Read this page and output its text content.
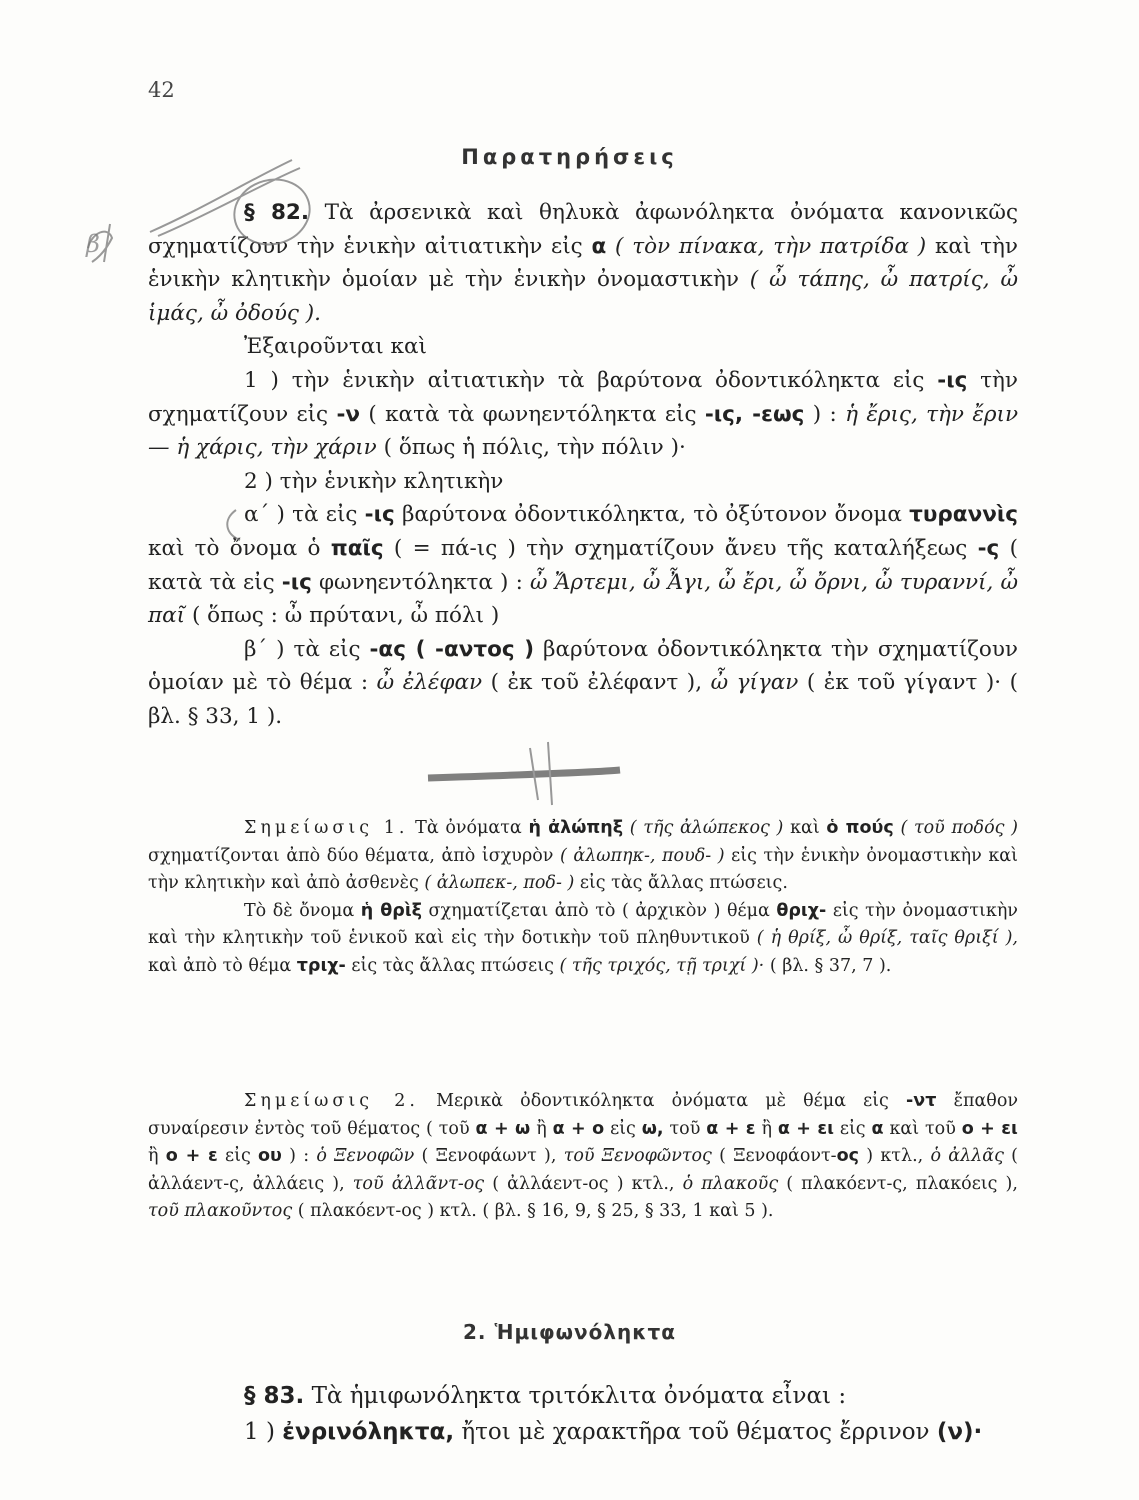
42
Παρατηρήσεις

§ 82. Τὰ ἀρσενικὰ καὶ θηλυκὰ ἀφωνόληκτα ὀνόματα κανονικῶς σχηματίζουν τὴν ἑνικὴν αἰτιατικὴν εἰς α ( τὸν πίνακα, τὴν πατρίδα ) καὶ τὴν ἑνικὴν κλητικὴν ὁμοίαν μὲ τὴν ἑνικὴν ὀνομαστικὴν ( ὦ τάπης, ὦ πατρίς, ὦ ἱμάς, ὦ ὀδούς ).

Ἐξαιροῦνται καὶ

1 ) τὴν ἑνικὴν αἰτιατικὴν τὰ βαρύτονα ὀδοντικόληκτα εἰς -ις τὴν σχηματίζουν εἰς -ν ( κατὰ τὰ φωνηεντόληκτα εἰς -ις, -εως ) : ἡ ἔρις, τὴν ἔριν — ἡ χάρις, τὴν χάριν ( ὅπως ἡ πόλις, τὴν πόλιν )·

2 ) τὴν ἑνικὴν κλητικὴν

α΄ ) τὰ εἰς -ις βαρύτονα ὀδοντικόληκτα, τὸ ὀξύτονον ὄνομα τυραννὶς καὶ τὸ ὄνομα ὁ παῖς ( = πά-ις ) τὴν σχηματίζουν ἄνευ τῆς καταλήξεως -ς ( κατὰ τὰ εἰς -ις φωνηεντόληκτα ) : ὦ Ἄρτεμι, ὦ Ἆγι, ὦ ἔρι, ὦ ὄρνι, ὦ τυραννί, ὦ παῖ ( ὅπως : ὦ πρύτανι, ὦ πόλι )

β΄ ) τὰ εἰς -ας ( -αντος ) βαρύτονα ὀδοντικόληκτα τὴν σχηματίζουν ὁμοίαν μὲ τὸ θέμα : ὦ ἐλέφαν ( ἐκ τοῦ ἐλέφαντ ), ὦ γίγαν ( ἐκ τοῦ γίγαντ )· ( βλ. § 33, 1 ).

Σημείωσις 1. Τὰ ὀνόματα ἡ ἀλώπηξ ( τῆς ἀλώπεκος ) καὶ ὁ πούς ( τοῦ ποδός ) σχηματίζονται ἀπὸ δύο θέματα, ἀπὸ ἰσχυρὸν ( ἀλωπηκ-, πουδ- ) εἰς τὴν ἑνικὴν ὀνομαστικὴν καὶ τὴν κλητικὴν καὶ ἀπὸ ἀσθενὲς ( ἀλωπεκ-, ποδ- ) εἰς τὰς ἄλλας πτώσεις.

Τὸ δὲ ὄνομα ἡ θρὶξ σχηματίζεται ἀπὸ τὸ ( ἀρχικὸν ) θέμα θριχ- εἰς τὴν ὀνομαστικὴν καὶ τὴν κλητικὴν τοῦ ἑνικοῦ καὶ εἰς τὴν δοτικὴν τοῦ πληθυντικοῦ ( ἡ θρίξ, ὦ θρίξ, ταῖς θριξί ), καὶ ἀπὸ τὸ θέμα τριχ- εἰς τὰς ἄλλας πτώσεις ( τῆς τριχός, τῇ τριχί )· ( βλ. § 37, 7 ).

Σημείωσις 2. Μερικὰ ὀδοντικόληκτα ὀνόματα μὲ θέμα εἰς -ντ ἔπαθον συναίρεσιν ἐντὸς τοῦ θέματος ( τοῦ α + ω ἢ α + ο εἰς ω, τοῦ α + ε ἢ α + ει εἰς α καὶ τοῦ ο + ει ἢ ο + ε εἰς ου ) : ὁ Ξενοφῶν ( Ξενοφάωντ ), τοῦ Ξενοφῶντος ( Ξενοφάοντ-ος ) κτλ., ὁ ἀλλᾶς ( ἀλλάεντ-ς, ἀλλάεις ), τοῦ ἀλλᾶντ-ος ( ἀλλάεντ-ος ) κτλ., ὁ πλακοῦς ( πλακόεντ-ς, πλακόεις ), τοῦ πλακοῦντος ( πλακόεντ-ος ) κτλ. ( βλ. § 16, 9, § 25, § 33, 1 καὶ 5 ).

2. Ἡμιφωνόληκτα

§ 83. Τὰ ἡμιφωνόληκτα τριτόκλιτα ὀνόματα εἶναι :

1 ) ἐνρινόληκτα, ἤτοι μὲ χαρακτῆρα τοῦ θέματος ἔρρινον (ν)·

β
